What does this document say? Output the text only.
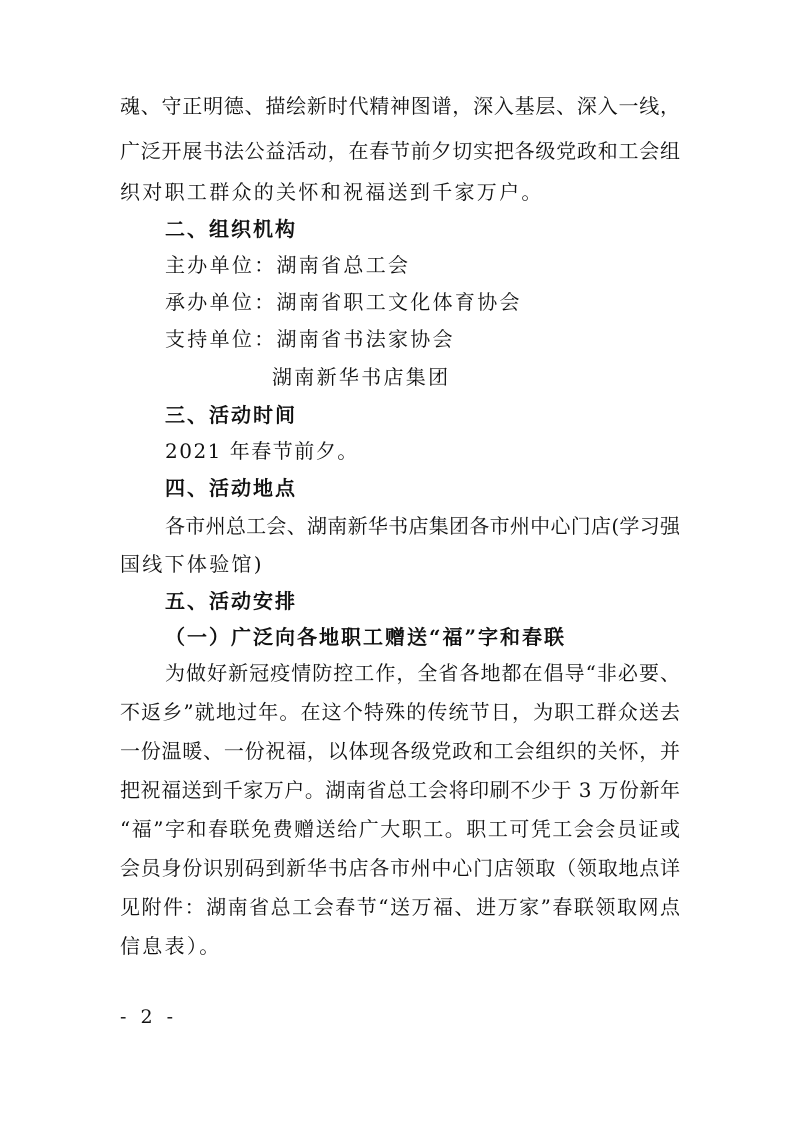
魂、守正明德、描绘新时代精神图谱，深入基层、深入一线，
广泛开展书法公益活动，在春节前夕切实把各级党政和工会组
织对职工群众的关怀和祝福送到千家万户。
二、组织机构
主办单位：湖南省总工会
承办单位：湖南省职工文化体育协会
支持单位：湖南省书法家协会
湖南新华书店集团
三、活动时间
2021 年春节前夕。
四、活动地点
各市州总工会、湖南新华书店集团各市州中心门店(学习强
国线下体验馆)
五、活动安排
（一）广泛向各地职工赠送“福”字和春联
为做好新冠疫情防控工作，全省各地都在倡导“非必要、
不返乡”就地过年。在这个特殊的传统节日，为职工群众送去
一份温暖、一份祝福，以体现各级党政和工会组织的关怀，并
把祝福送到千家万户。湖南省总工会将印刷不少于 3 万份新年
“福”字和春联免费赠送给广大职工。职工可凭工会会员证或
会员身份识别码到新华书店各市州中心门店领取（领取地点详
见附件：湖南省总工会春节“送万福、进万家”春联领取网点
信息表）。
- 2 -
